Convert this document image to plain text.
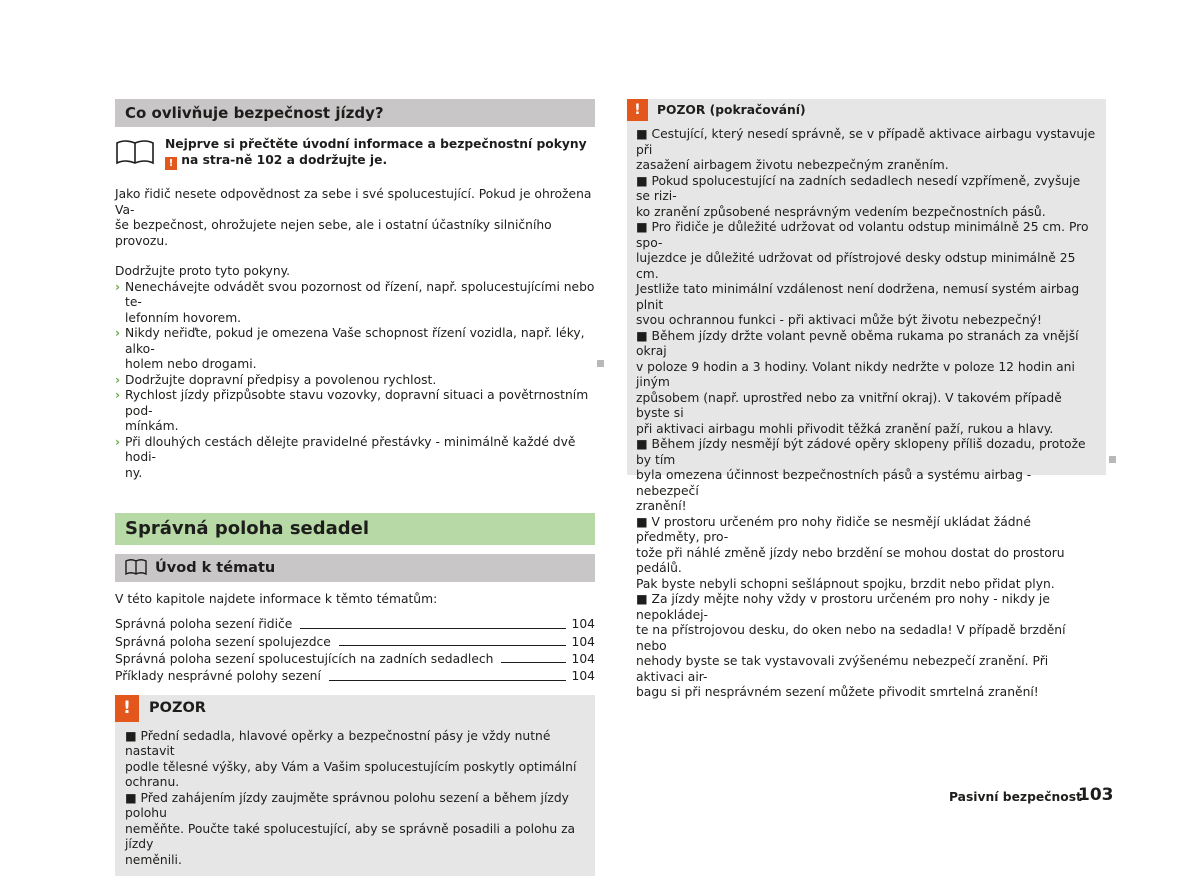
Co ovlivňuje bezpečnost jízdy?
Nejprve si přečtěte úvodní informace a bezpečnostní pokyny ! na stra-ně 102 a dodržujte je.
Jako řidič nesete odpovědnost za sebe i své spolucestující. Pokud je ohrožena Va-
še bezpečnost, ohrožujete nejen sebe, ale i ostatní účastníky silničního provozu.
Dodržujte proto tyto pokyny.
› Nenechávejte odvádět svou pozornost od řízení, např. spolucestujícími nebo te-
lefonním hovorem.
› Nikdy neřiďte, pokud je omezena Vaše schopnost řízení vozidla, např. léky, alko-
holem nebo drogami.
› Dodržujte dopravní předpisy a povolenou rychlost.
› Rychlost jízdy přizpůsobte stavu vozovky, dopravní situaci a povětrnostním pod-
mínkám.
› Při dlouhých cestách dělejte pravidelné přestávky - minimálně každé dvě hodi-
ny.
Správná poloha sedadel
Úvod k tématu
V této kapitole najdete informace k těmto tématům:
Správná poloha sezení řidiče	104
Správná poloha sezení spolujezdce	104
Správná poloha sezení spolucestujících na zadních sedadlech	104
Příklady nesprávné polohy sezení	104
!	POZOR
■ Přední sedadla, hlavové opěrky a bezpečnostní pásy je vždy nutné nastavit
podle tělesné výšky, aby Vám a Vašim spolucestujícím poskytly optimální
ochranu.
■ Před zahájením jízdy zaujměte správnou polohu sezení a během jízdy polohu
neměňte. Poučte také spolucestující, aby se správně posadili a polohu za jízdy
neměnili.
!	POZOR (pokračování)
■ Cestující, který nesedí správně, se v případě aktivace airbagu vystavuje při
zasažení airbagem životu nebezpečným zraněním.
■ Pokud spolucestující na zadních sedadlech nesedí vzpřímeně, zvyšuje se rizi-
ko zranění způsobené nesprávným vedením bezpečnostních pásů.
■ Pro řidiče je důležité udržovat od volantu odstup minimálně 25 cm. Pro spo-
lujezdce je důležité udržovat od přístrojové desky odstup minimálně 25 cm.
Jestliže tato minimální vzdálenost není dodržena, nemusí systém airbag plnit
svou ochrannou funkci - při aktivaci může být životu nebezpečný!
■ Během jízdy držte volant pevně oběma rukama po stranách za vnější okraj
v poloze 9 hodin a 3 hodiny. Volant nikdy nedržte v poloze 12 hodin ani jiným
způsobem (např. uprostřed nebo za vnitřní okraj). V takovém případě byste si
při aktivaci airbagu mohli přivodit těžká zranění paží, rukou a hlavy.
■ Během jízdy nesmějí být zádové opěry sklopeny příliš dozadu, protože by tím
byla omezena účinnost bezpečnostních pásů a systému airbag - nebezpečí
zranění!
■ V prostoru určeném pro nohy řidiče se nesmějí ukládat žádné předměty, pro-
tože při náhlé změně jízdy nebo brzdění se mohou dostat do prostoru pedálů.
Pak byste nebyli schopni sešlápnout spojku, brzdit nebo přidat plyn.
■ Za jízdy mějte nohy vždy v prostoru určeném pro nohy - nikdy je nepokládej-
te na přístrojovou desku, do oken nebo na sedadla! V případě brzdění nebo
nehody byste se tak vystavovali zvýšenému nebezpečí zranění. Při aktivaci air-
bagu si při nesprávném sezení můžete přivodit smrtelná zranění!
Pasivní bezpečnost
103
